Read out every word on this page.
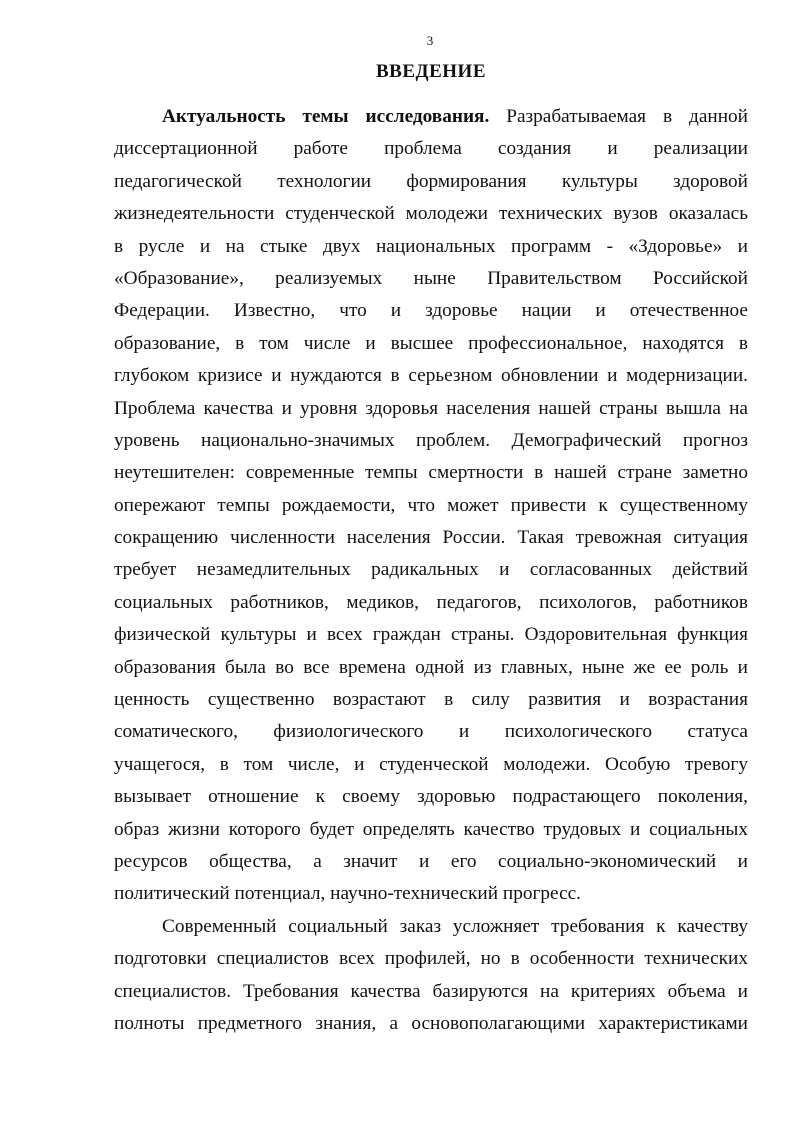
3
ВВЕДЕНИЕ
Актуальность темы исследования. Разрабатываемая в данной
диссертационной работе проблема создания и реализации
педагогической технологии формирования культуры здоровой
жизнедеятельности студенческой молодежи технических вузов оказалась
в русле и на стыке двух национальных программ - «Здоровье» и
«Образование», реализуемых ныне Правительством Российской
Федерации. Известно, что и здоровье нации и отечественное
образование, в том числе и высшее профессиональное, находятся в
глубоком кризисе и нуждаются в серьезном обновлении и модернизации.
Проблема качества и уровня здоровья населения нашей страны вышла на
уровень национально-значимых проблем. Демографический прогноз
неутешителен: современные темпы смертности в нашей стране заметно
опережают темпы рождаемости, что может привести к существенному
сокращению численности населения России. Такая тревожная ситуация
требует незамедлительных радикальных и согласованных действий
социальных работников, медиков, педагогов, психологов, работников
физической культуры и всех граждан страны. Оздоровительная функция
образования была во все времена одной из главных, ныне же ее роль и
ценность существенно возрастают в силу развития и возрастания
соматического, физиологического и психологического статуса
учащегося, в том числе, и студенческой молодежи. Особую тревогу
вызывает отношение к своему здоровью подрастающего поколения,
образ жизни которого будет определять качество трудовых и социальных
ресурсов общества, а значит и его социально-экономический и
политический потенциал, научно-технический прогресс.
Современный социальный заказ усложняет требования к качеству
подготовки специалистов всех профилей, но в особенности технических
специалистов. Требования качества базируются на критериях объема и
полноты предметного знания, а основополагающими характеристиками
